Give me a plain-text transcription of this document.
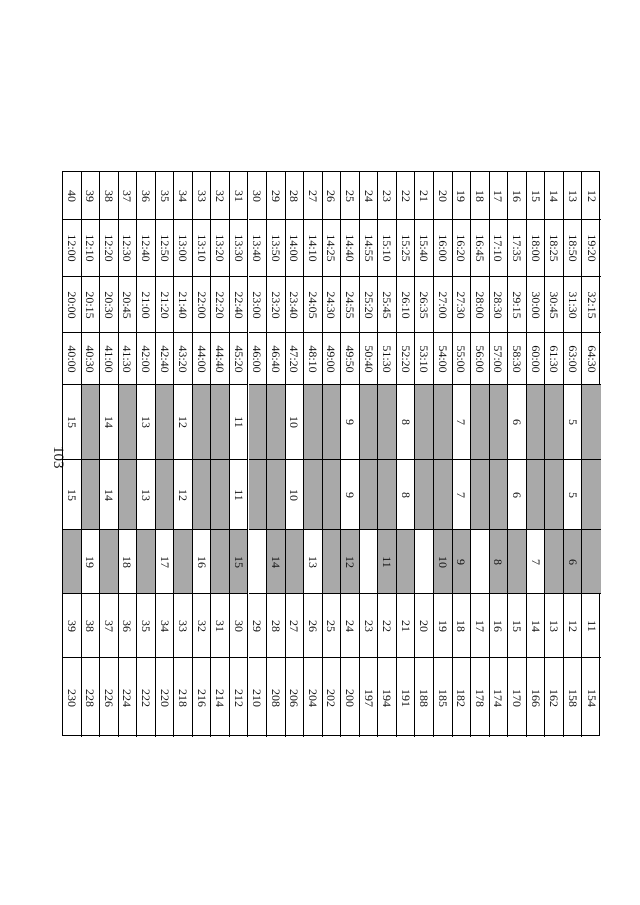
103
40
12:00
20:00
40:00
15
15
39
230
39
12:10
20:15
40:30
19
38
228
38
12:20
20:30
41:00
14
14
37
226
37
12:30
20:45
41:30
18
36
224
36
12:40
21:00
42:00
13
13
35
222
35
12:50
21:20
42:40
17
34
220
34
13:00
21:40
43:20
12
12
33
218
33
13:10
22:00
44:00
16
32
216
32
13:20
22:20
44:40
31
214
31
13:30
22:40
45:20
11
11
15
30
212
30
13:40
23:00
46:00
29
210
29
13:50
23:20
46:40
14
28
208
28
14:00
23:40
47:20
10
10
27
206
27
14:10
24:05
48:10
13
26
204
26
14:25
24:30
49:00
25
202
25
14:40
24:55
49:50
9
9
12
24
200
24
14:55
25:20
50:40
23
197
23
15:10
25:45
51:30
11
22
194
22
15:25
26:10
52:20
8
8
21
191
21
15:40
26:35
53:10
20
188
20
16:00
27:00
54:00
10
19
185
19
16:20
27:30
55:00
7
7
9
18
182
18
16:45
28:00
56:00
17
178
17
17:10
28:30
57:00
8
16
174
16
17:35
29:15
58:30
6
6
15
170
15
18:00
30:00
60:00
7
14
166
14
18:25
30:45
61:30
13
162
13
18:50
31:30
63:00
5
5
6
12
158
12
19:20
32:15
64:30
11
154
